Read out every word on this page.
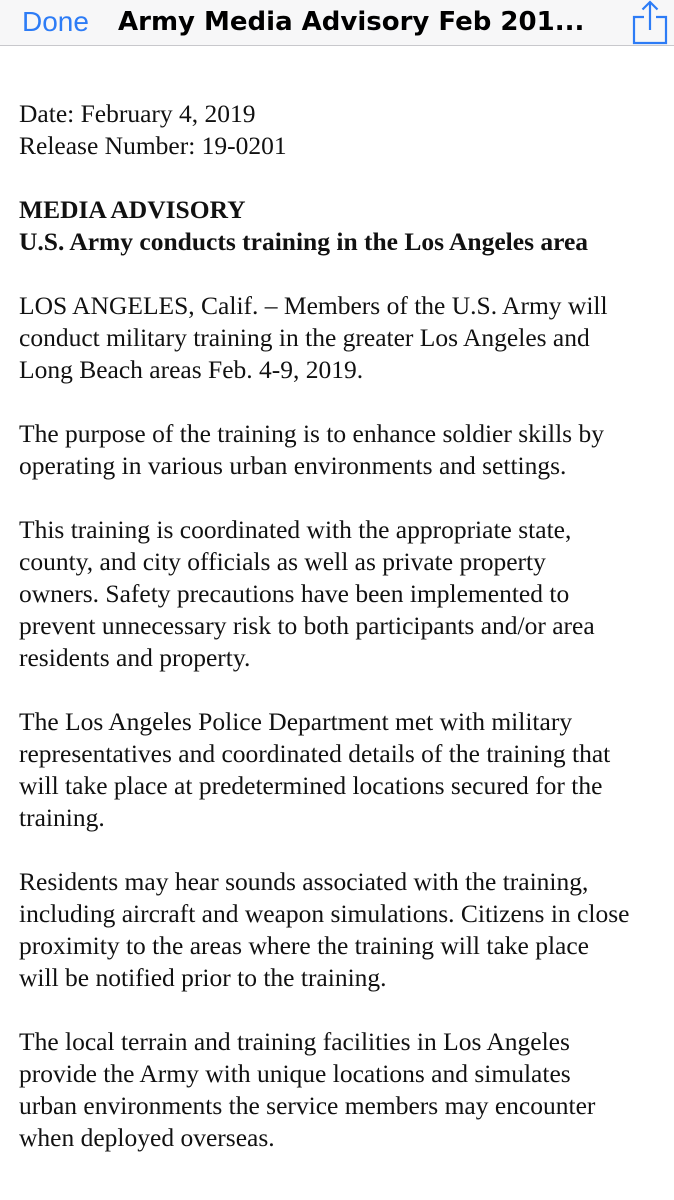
Done Army Media Advisory Feb 201...

Date: February 4, 2019
Release Number: 19-0201

MEDIA ADVISORY
U.S. Army conducts training in the Los Angeles area

LOS ANGELES, Calif. – Members of the U.S. Army will
conduct military training in the greater Los Angeles and
Long Beach areas Feb. 4-9, 2019.

The purpose of the training is to enhance soldier skills by
operating in various urban environments and settings.

This training is coordinated with the appropriate state,
county, and city officials as well as private property
owners. Safety precautions have been implemented to
prevent unnecessary risk to both participants and/or area
residents and property.

The Los Angeles Police Department met with military
representatives and coordinated details of the training that
will take place at predetermined locations secured for the
training.

Residents may hear sounds associated with the training,
including aircraft and weapon simulations. Citizens in close
proximity to the areas where the training will take place
will be notified prior to the training.

The local terrain and training facilities in Los Angeles
provide the Army with unique locations and simulates
urban environments the service members may encounter
when deployed overseas.
